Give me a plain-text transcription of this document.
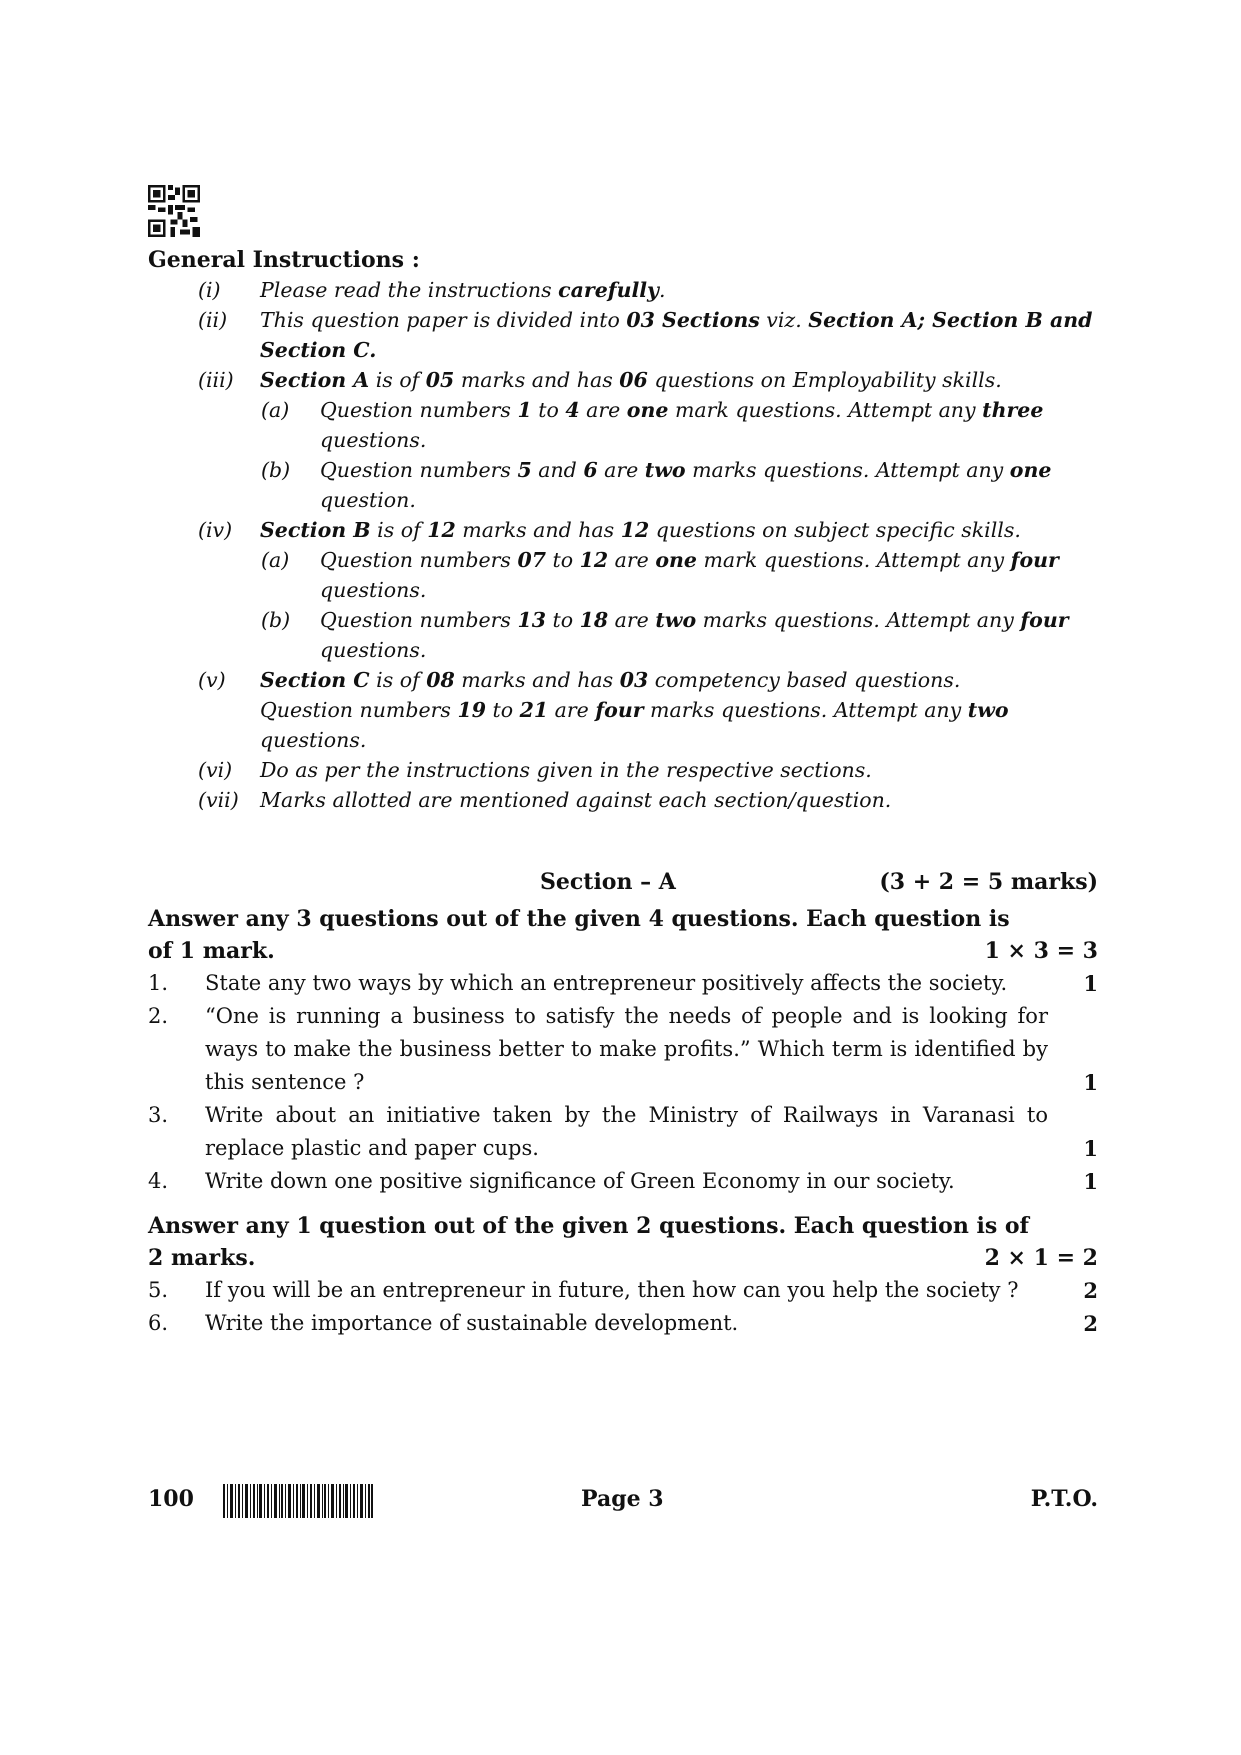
General Instructions :
(i)	Please read the instructions carefully.
(ii)	This question paper is divided into 03 Sections viz. Section A; Section B and Section C.
(iii)	Section A is of 05 marks and has 06 questions on Employability skills.
(a) Question numbers 1 to 4 are one mark questions. Attempt any three questions.
(b) Question numbers 5 and 6 are two marks questions. Attempt any one question.
(iv)	Section B is of 12 marks and has 12 questions on subject specific skills.
(a) Question numbers 07 to 12 are one mark questions. Attempt any four questions.
(b) Question numbers 13 to 18 are two marks questions. Attempt any four questions.
(v)	Section C is of 08 marks and has 03 competency based questions.
Question numbers 19 to 21 are four marks questions. Attempt any two questions.
(vi)	Do as per the instructions given in the respective sections.
(vii)	Marks allotted are mentioned against each section/question.
Section – A	(3 + 2 = 5 marks)
Answer any 3 questions out of the given 4 questions. Each question is
of 1 mark.	1 × 3 = 3
1. State any two ways by which an entrepreneur positively affects the society.	1
2. “One is running a business to satisfy the needs of people and is looking for ways to make the business better to make profits.” Which term is identified by this sentence ?	1
3. Write about an initiative taken by the Ministry of Railways in Varanasi to replace plastic and paper cups.	1
4. Write down one positive significance of Green Economy in our society.	1
Answer any 1 question out of the given 2 questions. Each question is of
2 marks.	2 × 1 = 2
5. If you will be an entrepreneur in future, then how can you help the society ?	2
6. Write the importance of sustainable development.	2
100	Page 3	P.T.O.
